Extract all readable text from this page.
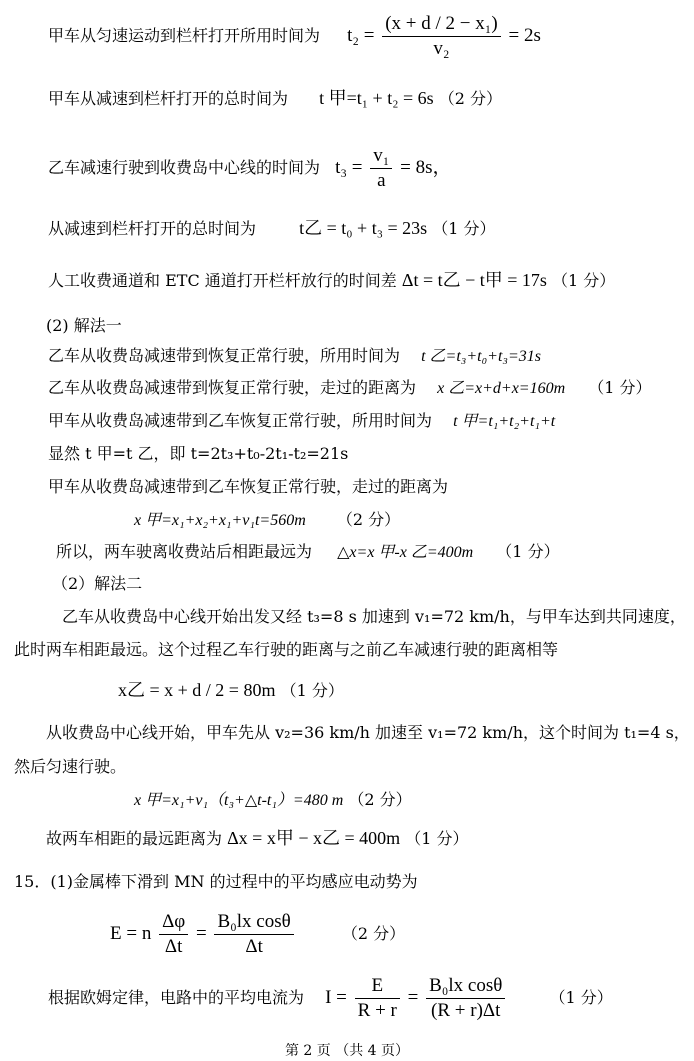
甲车从匀速运动到栏杆打开所用时间为 $t_2 = \frac{\text{(x + d / 2 − x₁)}}{\text{v₂}} = 2s$
甲车从减速到栏杆打开的总时间为 t 甲=t₁ + t₂ = 6s （2 分）
乙车减速行驶到收费岛中心线的时间为 $t_3 = \frac{\text{v₁}}{a} = 8s$，
从减速到栏杆打开的总时间为 t乙 = t₀ + t₃ = 23s （1 分）
人工收费通道和 ETC 通道打开栏杆放行的时间差 Δt = t乙 − t甲 = 17s （1 分）
(2) 解法一
乙车从收费岛减速带到恢复正常行驶，所用时间为 t 乙=t₃+t₀+t₃=31s
乙车从收费岛减速带到恢复正常行驶，走过的距离为 x 乙=x+d+x=160m （1 分）
甲车从收费岛减速带到乙车恢复正常行驶，所用时间为 t 甲=t₁+t₂+t₁+t
显然 t 甲=t 乙，即 t=2t₃+t₀-2t₁-t₂=21s
甲车从收费岛减速带到乙车恢复正常行驶，走过的距离为
x 甲=x₁+x₂+x₁+v₁t=560m （2 分）
所以，两车驶离收费站后相距最远为 △x=x 甲-x 乙=400m （1 分）
（2）解法二
乙车从收费岛中心线开始出发又经 t₃=8 s 加速到 v₁=72 km/h，与甲车达到共同速度，
此时两车相距最远。这个过程乙车行驶的距离与之前乙车减速行驶的距离相等
x乙 = x + d / 2 = 80m （1 分）
从收费岛中心线开始，甲车先从 v₂=36 km/h 加速至 v₁=72 km/h，这个时间为 t₁=4 s，
然后匀速行驶。
x 甲=x₁+v₁（t₃+△t-t₁）=480 m （2 分）
故两车相距的最远距离为 Δx = x甲 − x乙 = 400m （1 分）
15．(1)金属棒下滑到 MN 的过程中的平均感应电动势为
E = n $\frac{\Delta\varphi}{\Delta t} = \frac{\text{B₀lx cosθ}}{\Delta t}$	（2 分）
根据欧姆定律，电路中的平均电流为 $I = \frac{E}{R + r} = \frac{\text{B₀lx cosθ}}{(R + r)\Delta t}$	（1 分）
第 2 页 （共 4 页）
